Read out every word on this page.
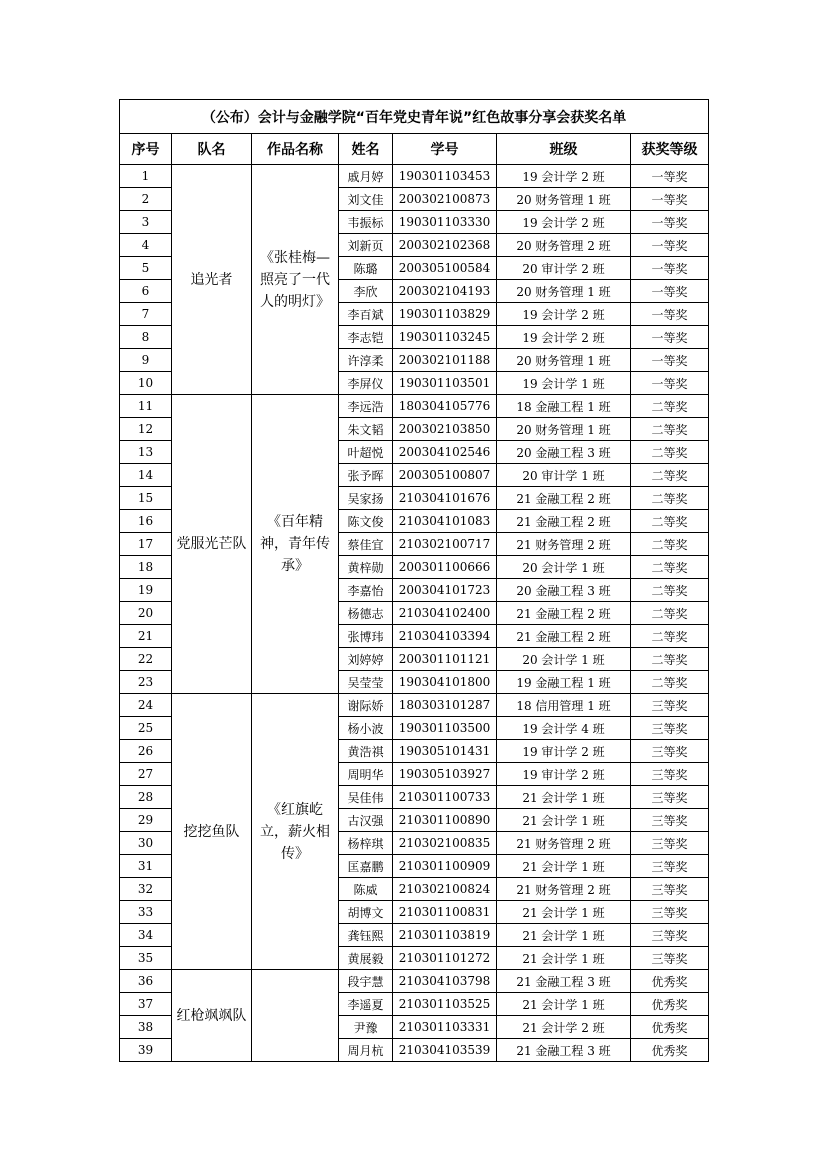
（公布）会计与金融学院“百年党史青年说”红色故事分享会获奖名单						
序号	队名	作品名称	姓名	学号	班级	获奖等级
1	追光者	《张桂梅—照亮了一代人的明灯》	戚月婷	190301103453	19 会计学 2 班	一等奖
2			刘文佳	200302100873	20 财务管理 1 班	一等奖
3			韦振标	190301103330	19 会计学 2 班	一等奖
4			刘新页	200302102368	20 财务管理 2 班	一等奖
5			陈璐	200305100584	20 审计学 2 班	一等奖
6			李欣	200302104193	20 财务管理 1 班	一等奖
7			李百斌	190301103829	19 会计学 2 班	一等奖
8			李志铠	190301103245	19 会计学 2 班	一等奖
9			许淳柔	200302101188	20 财务管理 1 班	一等奖
10			李屏仪	190301103501	19 会计学 1 班	一等奖
11	党服光芒队	《百年精神，青年传承》	李远浩	180304105776	18 金融工程 1 班	二等奖
12			朱文韬	200302103850	20 财务管理 1 班	二等奖
13			叶超悦	200304102546	20 金融工程 3 班	二等奖
14			张予晖	200305100807	20 审计学 1 班	二等奖
15			吴家扬	210304101676	21 金融工程 2 班	二等奖
16			陈文俊	210304101083	21 金融工程 2 班	二等奖
17			蔡佳宜	210302100717	21 财务管理 2 班	二等奖
18			黄梓勋	200301100666	20 会计学 1 班	二等奖
19			李嘉怡	200304101723	20 金融工程 3 班	二等奖
20			杨德志	210304102400	21 金融工程 2 班	二等奖
21			张博玮	210304103394	21 金融工程 2 班	二等奖
22			刘婷婷	200301101121	20 会计学 1 班	二等奖
23			吴莹莹	190304101800	19 金融工程 1 班	二等奖
24	挖挖鱼队	《红旗屹立，薪火相传》	谢际娇	180303101287	18 信用管理 1 班	三等奖
25			杨小波	190301103500	19 会计学 4 班	三等奖
26			黄浩祺	190305101431	19 审计学 2 班	三等奖
27			周明华	190305103927	19 审计学 2 班	三等奖
28			吴佳伟	210301100733	21 会计学 1 班	三等奖
29			古汉强	210301100890	21 会计学 1 班	三等奖
30			杨梓琪	210302100835	21 财务管理 2 班	三等奖
31			匡嘉鹏	210301100909	21 会计学 1 班	三等奖
32			陈威	210302100824	21 财务管理 2 班	三等奖
33			胡博文	210301100831	21 会计学 1 班	三等奖
34			龚钰熙	210301103819	21 会计学 1 班	三等奖
35			黄展毅	210301101272	21 会计学 1 班	三等奖
36	红枪飒飒队		段宇慧	210304103798	21 金融工程 3 班	优秀奖
37			李遥夏	210301103525	21 会计学 1 班	优秀奖
38			尹豫	210301103331	21 会计学 2 班	优秀奖
39			周月杭	210304103539	21 金融工程 3 班	优秀奖
